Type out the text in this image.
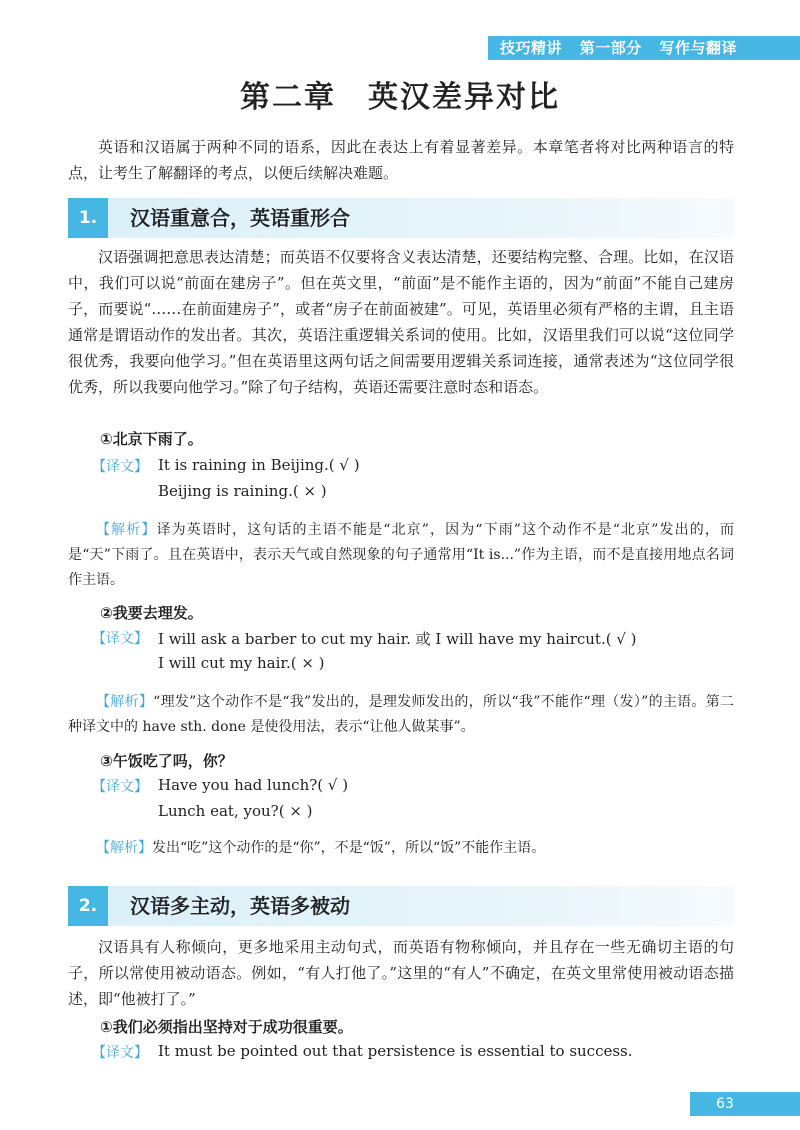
技巧精讲 第一部分 写作与翻译
第二章　英汉差异对比
英语和汉语属于两种不同的语系，因此在表达上有着显著差异。本章笔者将对比两种语言的特点，让考生了解翻译的考点，以便后续解决难题。
1.	汉语重意合，英语重形合
汉语强调把意思表达清楚；而英语不仅要将含义表达清楚，还要结构完整、合理。比如，在汉语中，我们可以说“前面在建房子”。但在英文里，“前面”是不能作主语的，因为“前面”不能自己建房子，而要说“……在前面建房子”，或者“房子在前面被建”。可见，英语里必须有严格的主谓，且主语通常是谓语动作的发出者。其次，英语注重逻辑关系词的使用。比如，汉语里我们可以说“这位同学很优秀，我要向他学习。”但在英语里这两句话之间需要用逻辑关系词连接，通常表述为“这位同学很优秀，所以我要向他学习。”除了句子结构，英语还需要注意时态和语态。
①北京下雨了。
【译文】 It is raining in Beijing.( √ )
Beijing is raining.( × )
【解析】译为英语时，这句话的主语不能是“北京”，因为“下雨”这个动作不是“北京”发出的，而是“天”下雨了。且在英语中，表示天气或自然现象的句子通常用“It is...”作为主语，而不是直接用地点名词作主语。
②我要去理发。
【译文】 I will ask a barber to cut my hair. 或 I will have my haircut.( √ )
I will cut my hair.( × )
【解析】“理发”这个动作不是“我”发出的，是理发师发出的，所以“我”不能作“理（发）”的主语。第二种译文中的 have sth. done 是使役用法，表示“让他人做某事”。
③午饭吃了吗，你？
【译文】 Have you had lunch?( √ )
Lunch eat, you?( × )
【解析】发出“吃”这个动作的是“你”，不是“饭”，所以“饭”不能作主语。
2.	汉语多主动，英语多被动
汉语具有人称倾向，更多地采用主动句式，而英语有物称倾向，并且存在一些无确切主语的句子，所以常使用被动语态。例如，“有人打他了。”这里的“有人”不确定，在英文里常使用被动语态描述，即“他被打了。”
①我们必须指出坚持对于成功很重要。
【译文】 It must be pointed out that persistence is essential to success.
63
